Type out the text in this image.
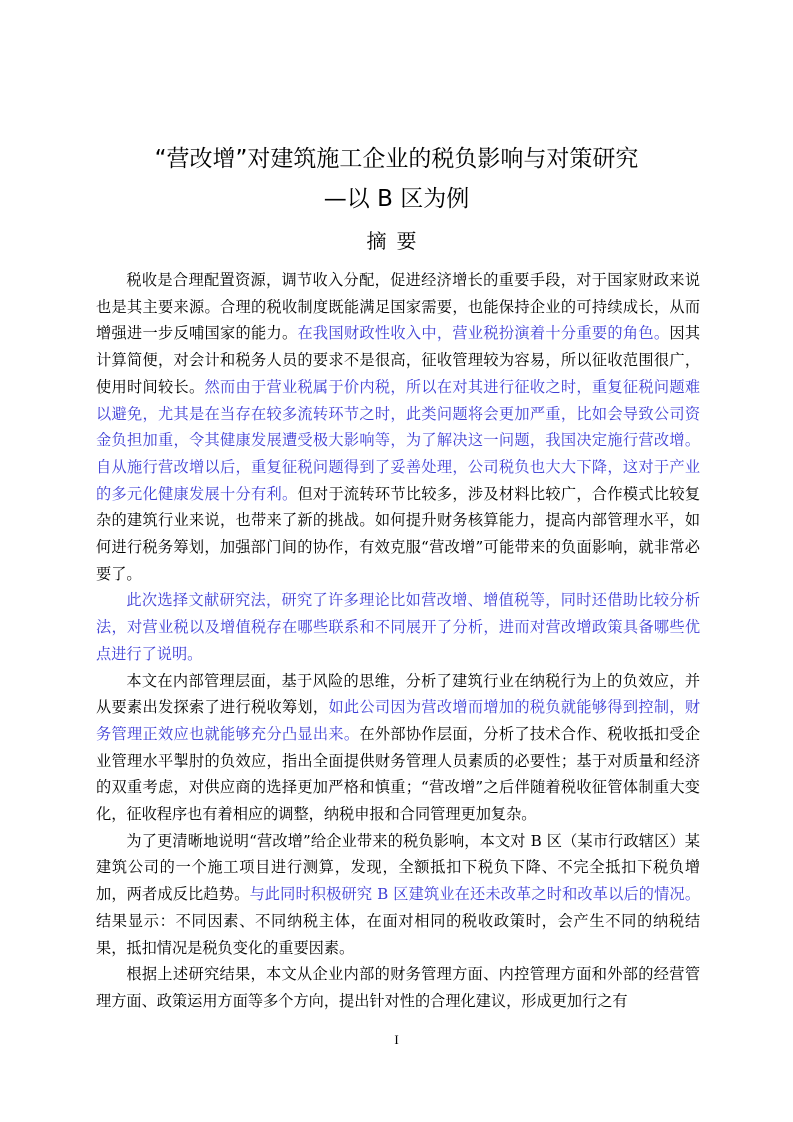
“营改增”对建筑施工企业的税负影响与对策研究
—以 B 区为例
摘要

税收是合理配置资源，调节收入分配，促进经济增长的重要手段，对于国家财政来说也是其主要来源。合理的税收制度既能满足国家需要，也能保持企业的可持续成长，从而增强进一步反哺国家的能力。在我国财政性收入中，营业税扮演着十分重要的角色。因其计算简便，对会计和税务人员的要求不是很高，征收管理较为容易，所以征收范围很广，使用时间较长。然而由于营业税属于价内税，所以在对其进行征收之时，重复征税问题难以避免，尤其是在当存在较多流转环节之时，此类问题将会更加严重，比如会导致公司资金负担加重，令其健康发展遭受极大影响等，为了解决这一问题，我国决定施行营改增。自从施行营改增以后，重复征税问题得到了妥善处理，公司税负也大大下降，这对于产业的多元化健康发展十分有利。但对于流转环节比较多，涉及材料比较广，合作模式比较复杂的建筑行业来说，也带来了新的挑战。如何提升财务核算能力，提高内部管理水平，如何进行税务筹划，加强部门间的协作，有效克服“营改增”可能带来的负面影响，就非常必要了。

此次选择文献研究法，研究了许多理论比如营改增、增值税等，同时还借助比较分析法，对营业税以及增值税存在哪些联系和不同展开了分析，进而对营改增政策具备哪些优点进行了说明。

本文在内部管理层面，基于风险的思维，分析了建筑行业在纳税行为上的负效应，并从要素出发探索了进行税收筹划，如此公司因为营改增而增加的税负就能够得到控制，财务管理正效应也就能够充分凸显出来。在外部协作层面，分析了技术合作、税收抵扣受企业管理水平掣肘的负效应，指出全面提供财务管理人员素质的必要性；基于对质量和经济的双重考虑，对供应商的选择更加严格和慎重；“营改增”之后伴随着税收征管体制重大变化，征收程序也有着相应的调整，纳税申报和合同管理更加复杂。

为了更清晰地说明“营改增”给企业带来的税负影响，本文对 B 区（某市行政辖区）某建筑公司的一个施工项目进行测算，发现，全额抵扣下税负下降、不完全抵扣下税负增加，两者成反比趋势。与此同时积极研究 B 区建筑业在还未改革之时和改革以后的情况。结果显示：不同因素、不同纳税主体，在面对相同的税收政策时，会产生不同的纳税结果，抵扣情况是税负变化的重要因素。

根据上述研究结果，本文从企业内部的财务管理方面、内控管理方面和外部的经营管理方面、政策运用方面等多个方向，提出针对性的合理化建议，形成更加行之有

I
